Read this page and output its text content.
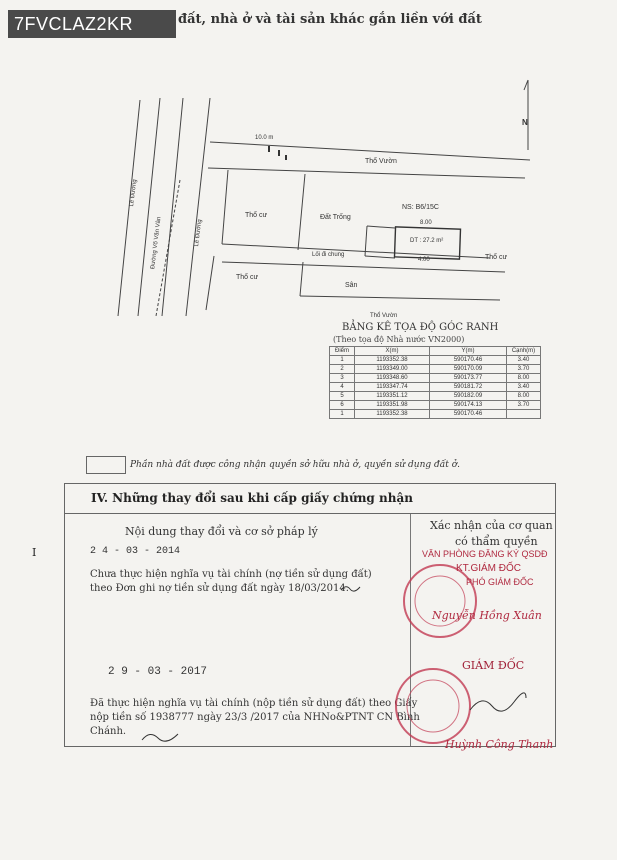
7FVCLAZ2KR	đất, nhà ở và tài sản khác gắn liền với đất
Lê Đường
Đường Võ Văn Vân	Lê Đường
Lối đi chung
Thổ cư
Thổ cư
Thổ cư
Đất Trống
Thổ Vườn
Thổ Vườn
Sân
NS: B6/15C
DT : 27.2 m²
8.00
4.00
10.0 m
N
BẢNG KÊ TỌA ĐỘ GÓC RANH
(Theo tọa độ Nhà nước VN2000)
Điểm	X(m)	Y(m)	Cạnh(m)
1	1193352.38	590170.46	3.40
2	1193349.00	590170.09	3.70
3	1193348.60	590173.77	8.00
4	1193347.74	590181.72	3.40
5	1193351.12	590182.09	8.00
6	1193351.98	590174.13	3.70
1	1193352.38	590170.46	
Phần nhà đất được công nhận quyền sở hữu nhà ở, quyền sử dụng đất ở.
I
IV. Những thay đổi sau khi cấp giấy chứng nhận
Nội dung thay đổi và cơ sở pháp lý	Xác nhận của cơ quan
có thẩm quyền
2 4 - 03 - 2014
Chưa thực hiện nghĩa vụ tài chính (nợ tiền sử dụng đất)
theo Đơn ghi nợ tiền sử dụng đất ngày 18/03/2014.
VĂN PHÒNG ĐĂNG KÝ QSDĐ
KT.GIÁM ĐỐC
PHÓ GIÁM ĐỐC
Nguyễn Hồng Xuân
2 9 - 03 - 2017
Đã thực hiện nghĩa vụ tài chính (nộp tiền sử dụng đất) theo Giấy
nộp tiền số 1938777 ngày 23/3 /2017 của NHNo&PTNT CN Bình
Chánh.
GIÁM ĐỐC
Huỳnh Công Thanh
